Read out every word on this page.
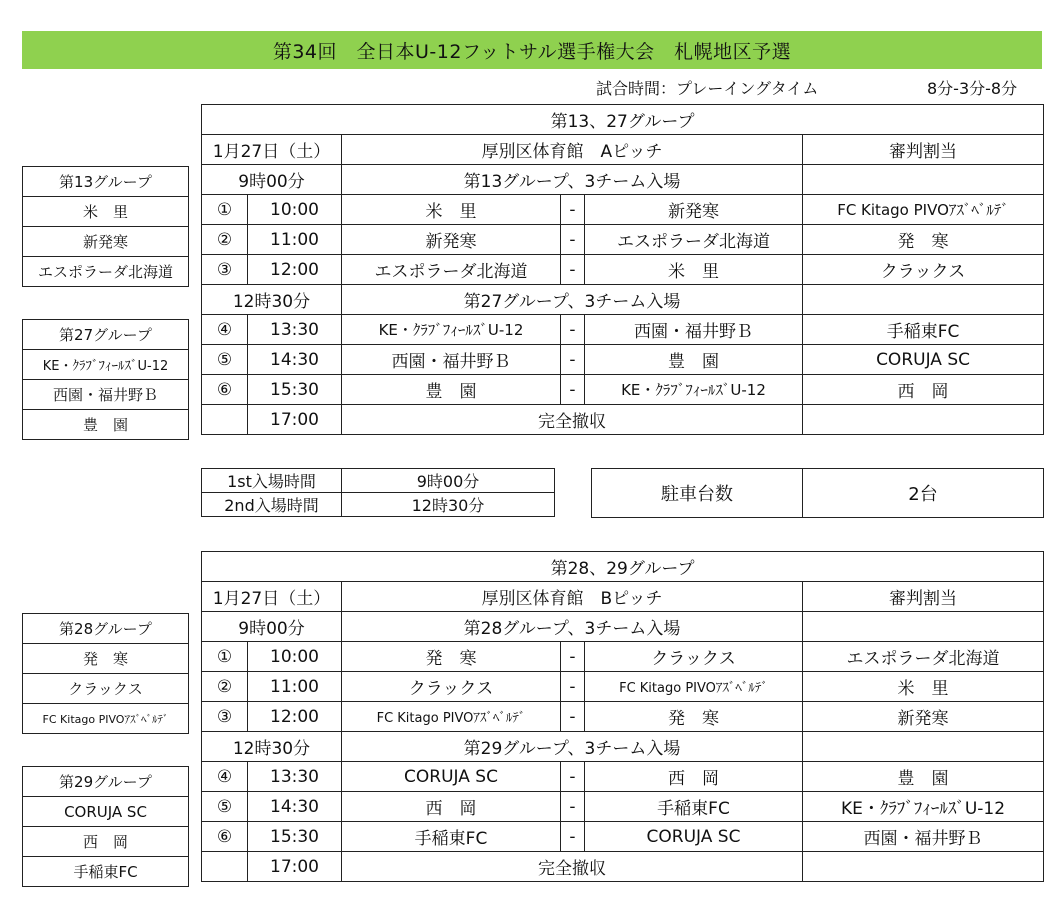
第34回　全日本U-12フットサル選手権大会　札幌地区予選
試合時間：プレーイングタイム	8分-3分-8分
第13、27グループ					
1月27日（土）		厚別区体育館　Aピッチ			審判割当
9時00分		第13グループ、3チーム入場			
①	10:00	米　里	-	新発寒	FC Kitago PIVOｱｽﾞﾍﾞﾙﾃﾞ
②	11:00	新発寒	-	エスポラーダ北海道	発　寒
③	12:00	エスポラーダ北海道	-	米　里	クラックス
12時30分		第27グループ、3チーム入場			
④	13:30	KE・ｸﾗﾌﾞﾌｨｰﾙｽﾞU-12	-	西園・福井野Ｂ	手稲東FC
⑤	14:30	西園・福井野Ｂ	-	豊　園	CORUJA SC
⑥	15:30	豊　園	-	KE・ｸﾗﾌﾞﾌｨｰﾙｽﾞU-12	西　岡
	17:00	完全撤収			
第13グループ
米　里
新発寒
エスポラーダ北海道
第27グループ
KE・ｸﾗﾌﾞﾌｨｰﾙｽﾞU-12
西園・福井野Ｂ
豊　園
1st入場時間	9時00分
2nd入場時間	12時30分
駐車台数	2台
第28、29グループ					
1月27日（土）		厚別区体育館　Bピッチ			審判割当
9時00分		第28グループ、3チーム入場			
①	10:00	発　寒	-	クラックス	エスポラーダ北海道
②	11:00	クラックス	-	FC Kitago PIVOｱｽﾞﾍﾞﾙﾃﾞ	米　里
③	12:00	FC Kitago PIVOｱｽﾞﾍﾞﾙﾃﾞ	-	発　寒	新発寒
12時30分		第29グループ、3チーム入場			
④	13:30	CORUJA SC	-	西　岡	豊　園
⑤	14:30	西　岡	-	手稲東FC	KE・ｸﾗﾌﾞﾌｨｰﾙｽﾞU-12
⑥	15:30	手稲東FC	-	CORUJA SC	西園・福井野Ｂ
	17:00	完全撤収			
第28グループ
発　寒
クラックス
FC Kitago PIVOｱｽﾞﾍﾞﾙﾃﾞ
第29グループ
CORUJA SC
西　岡
手稲東FC
